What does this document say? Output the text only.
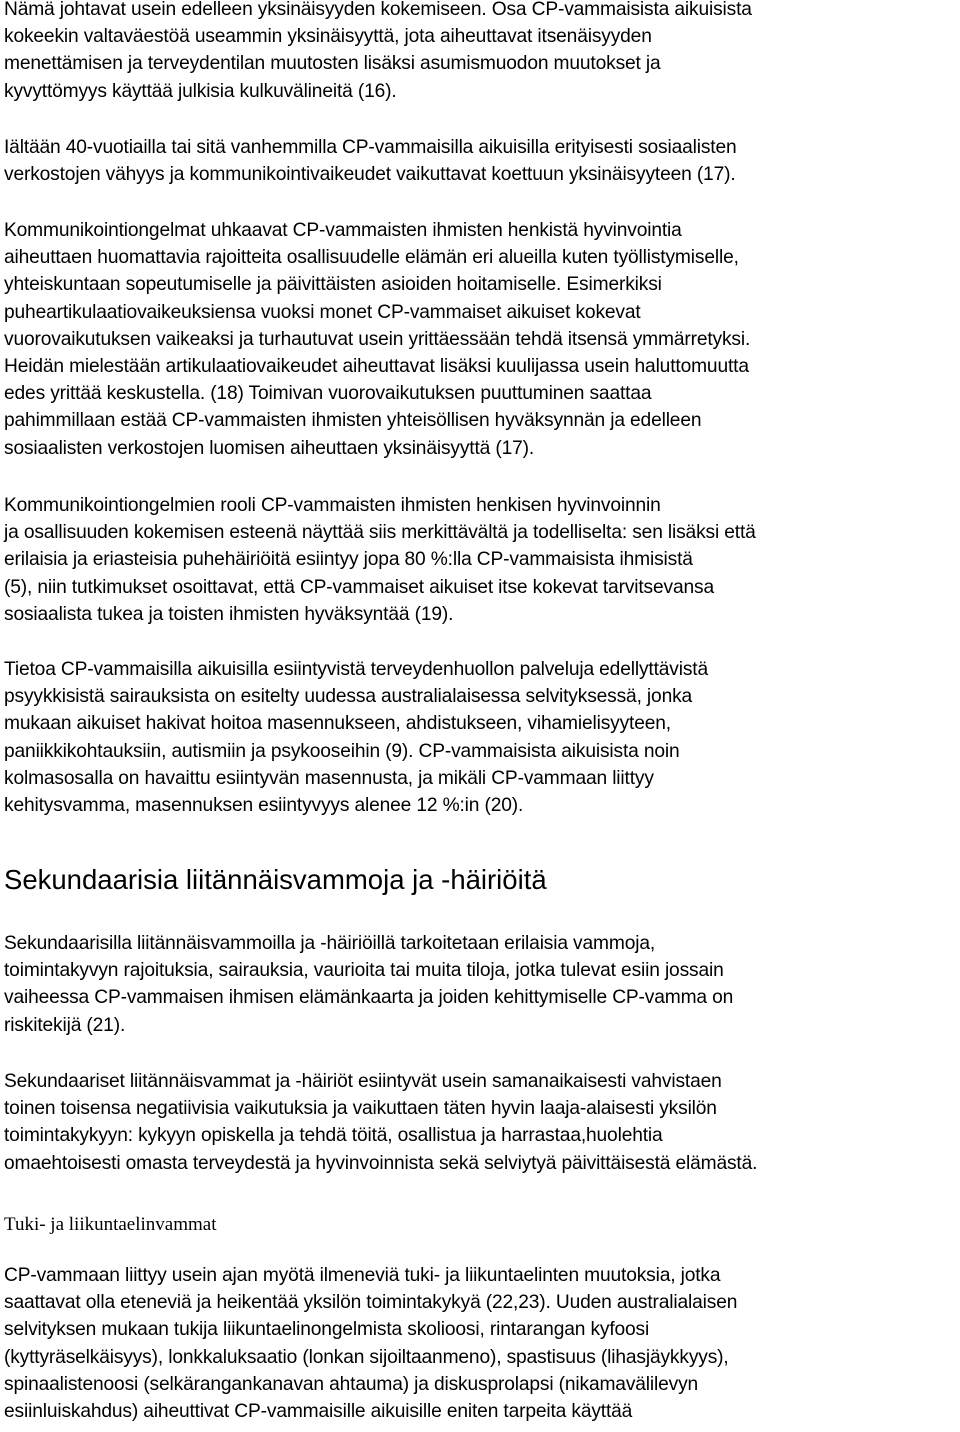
Nämä johtavat usein edelleen yksinäisyyden kokemiseen. Osa CP-vammaisista aikuisista
kokeekin valtaväestöä useammin yksinäisyyttä, jota aiheuttavat itsenäisyyden
menettämisen ja terveydentilan muutosten lisäksi asumismuodon muutokset ja
kyvyttömyys käyttää julkisia kulkuvälineitä (16).

Iältään 40-vuotiailla tai sitä vanhemmilla CP-vammaisilla aikuisilla erityisesti sosiaalisten
verkostojen vähyys ja kommunikointivaikeudet vaikuttavat koettuun yksinäisyyteen (17).

Kommunikointiongelmat uhkaavat CP-vammaisten ihmisten henkistä hyvinvointia
aiheuttaen huomattavia rajoitteita osallisuudelle elämän eri alueilla kuten työllistymiselle,
yhteiskuntaan sopeutumiselle ja päivittäisten asioiden hoitamiselle. Esimerkiksi
puheartikulaatiovaikeuksiensa vuoksi monet CP-vammaiset aikuiset kokevat
vuorovaikutuksen vaikeaksi ja turhautuvat usein yrittäessään tehdä itsensä ymmärretyksi.
Heidän mielestään artikulaatiovaikeudet aiheuttavat lisäksi kuulijassa usein haluttomuutta
edes yrittää keskustella. (18) Toimivan vuorovaikutuksen puuttuminen saattaa
pahimmillaan estää CP-vammaisten ihmisten yhteisöllisen hyväksynnän ja edelleen
sosiaalisten verkostojen luomisen aiheuttaen yksinäisyyttä (17).

Kommunikointiongelmien rooli CP-vammaisten ihmisten henkisen hyvinvoinnin
ja osallisuuden kokemisen esteenä näyttää siis merkittävältä ja todelliselta: sen lisäksi että
erilaisia ja eriasteisia puhehäiriöitä esiintyy jopa 80 %:lla CP-vammaisista ihmisistä
(5), niin tutkimukset osoittavat, että CP-vammaiset aikuiset itse kokevat tarvitsevansa
sosiaalista tukea ja toisten ihmisten hyväksyntää (19).

Tietoa CP-vammaisilla aikuisilla esiintyvistä terveydenhuollon palveluja edellyttävistä
psyykkisistä sairauksista on esitelty uudessa australialaisessa selvityksessä, jonka
mukaan aikuiset hakivat hoitoa masennukseen, ahdistukseen, vihamielisyyteen,
paniikkikohtauksiin, autismiin ja psykooseihin (9). CP-vammaisista aikuisista noin
kolmasosalla on havaittu esiintyvän masennusta, ja mikäli CP-vammaan liittyy
kehitysvamma, masennuksen esiintyvyys alenee 12 %:in (20).

Sekundaarisia liitännäisvammoja ja -häiriöitä

Sekundaarisilla liitännäisvammoilla ja -häiriöillä tarkoitetaan erilaisia vammoja,
toimintakyvyn rajoituksia, sairauksia, vaurioita tai muita tiloja, jotka tulevat esiin jossain
vaiheessa CP-vammaisen ihmisen elämänkaarta ja joiden kehittymiselle CP-vamma on
riskitekijä (21).

Sekundaariset liitännäisvammat ja -häiriöt esiintyvät usein samanaikaisesti vahvistaen
toinen toisensa negatiivisia vaikutuksia ja vaikuttaen täten hyvin laaja-alaisesti yksilön
toimintakykyyn: kykyyn opiskella ja tehdä töitä, osallistua ja harrastaa,huolehtia
omaehtoisesti omasta terveydestä ja hyvinvoinnista sekä selviytyä päivittäisestä elämästä.

Tuki- ja liikuntaelinvammat

CP-vammaan liittyy usein ajan myötä ilmeneviä tuki- ja liikuntaelinten muutoksia, jotka
saattavat olla eteneviä ja heikentää yksilön toimintakykyä (22,23). Uuden australialaisen
selvityksen mukaan tukija liikuntaelinongelmista skolioosi, rintarangan kyfoosi
(kyttyräselkäisyys), lonkkaluksaatio (lonkan sijoiltaanmeno), spastisuus (lihasjäykkyys),
spinaalistenoosi (selkärangankanavan ahtauma) ja diskusprolapsi (nikamavälilevyn
esiinluiskahdus) aiheuttivat CP-vammaisille aikuisille eniten tarpeita käyttää
